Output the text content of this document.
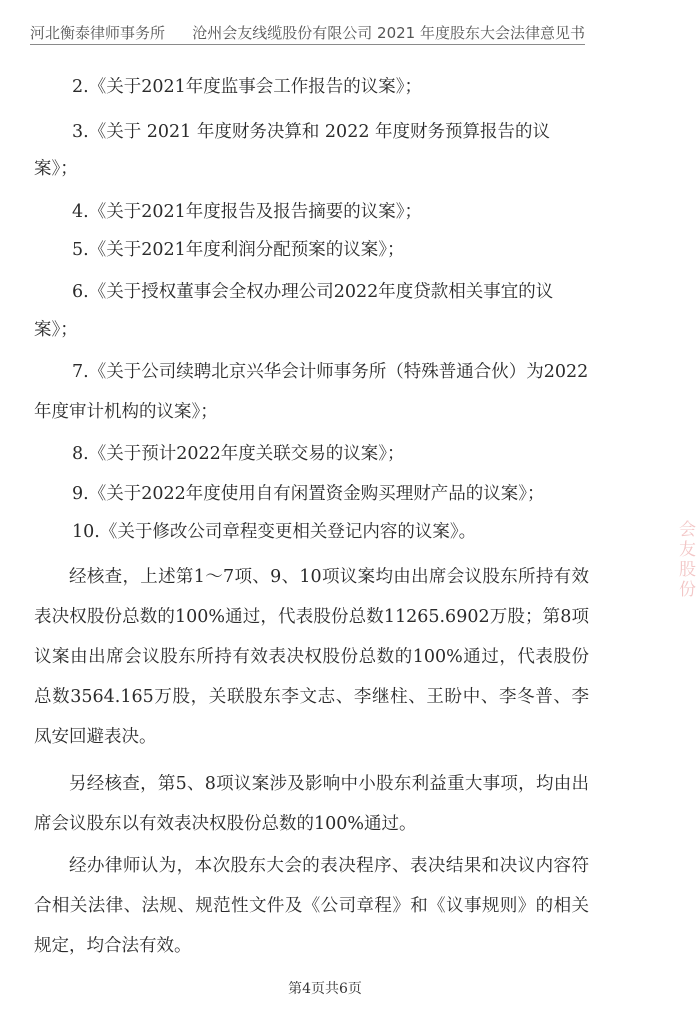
河北衡泰律师事务所 沧州会友线缆股份有限公司 2021 年度股东大会法律意见书
2.《关于2021年度监事会工作报告的议案》；
3.《关于 2021 年度财务决算和 2022 年度财务预算报告的议
案》；
4.《关于2021年度报告及报告摘要的议案》；
5.《关于2021年度利润分配预案的议案》；
6.《关于授权董事会全权办理公司2022年度贷款相关事宜的议
案》；
7.《关于公司续聘北京兴华会计师事务所（特殊普通合伙）为2022
年度审计机构的议案》；
8.《关于预计2022年度关联交易的议案》；
9.《关于2022年度使用自有闲置资金购买理财产品的议案》；
10.《关于修改公司章程变更相关登记内容的议案》。
经核查，上述第1～7项、9、10项议案均由出席会议股东所持有效表决权股份总数的100%通过，代表股份总数11265.6902万股；第8项议案由出席会议股东所持有效表决权股份总数的100%通过，代表股份总数3564.165万股，关联股东李文志、李继柱、王盼中、李冬普、李凤安回避表决。
另经核查，第5、8项议案涉及影响中小股东利益重大事项，均由出席会议股东以有效表决权股份总数的100%通过。
经办律师认为，本次股东大会的表决程序、表决结果和决议内容符合相关法律、法规、规范性文件及《公司章程》和《议事规则》的相关规定，均合法有效。
会友股份
第4页共6页
